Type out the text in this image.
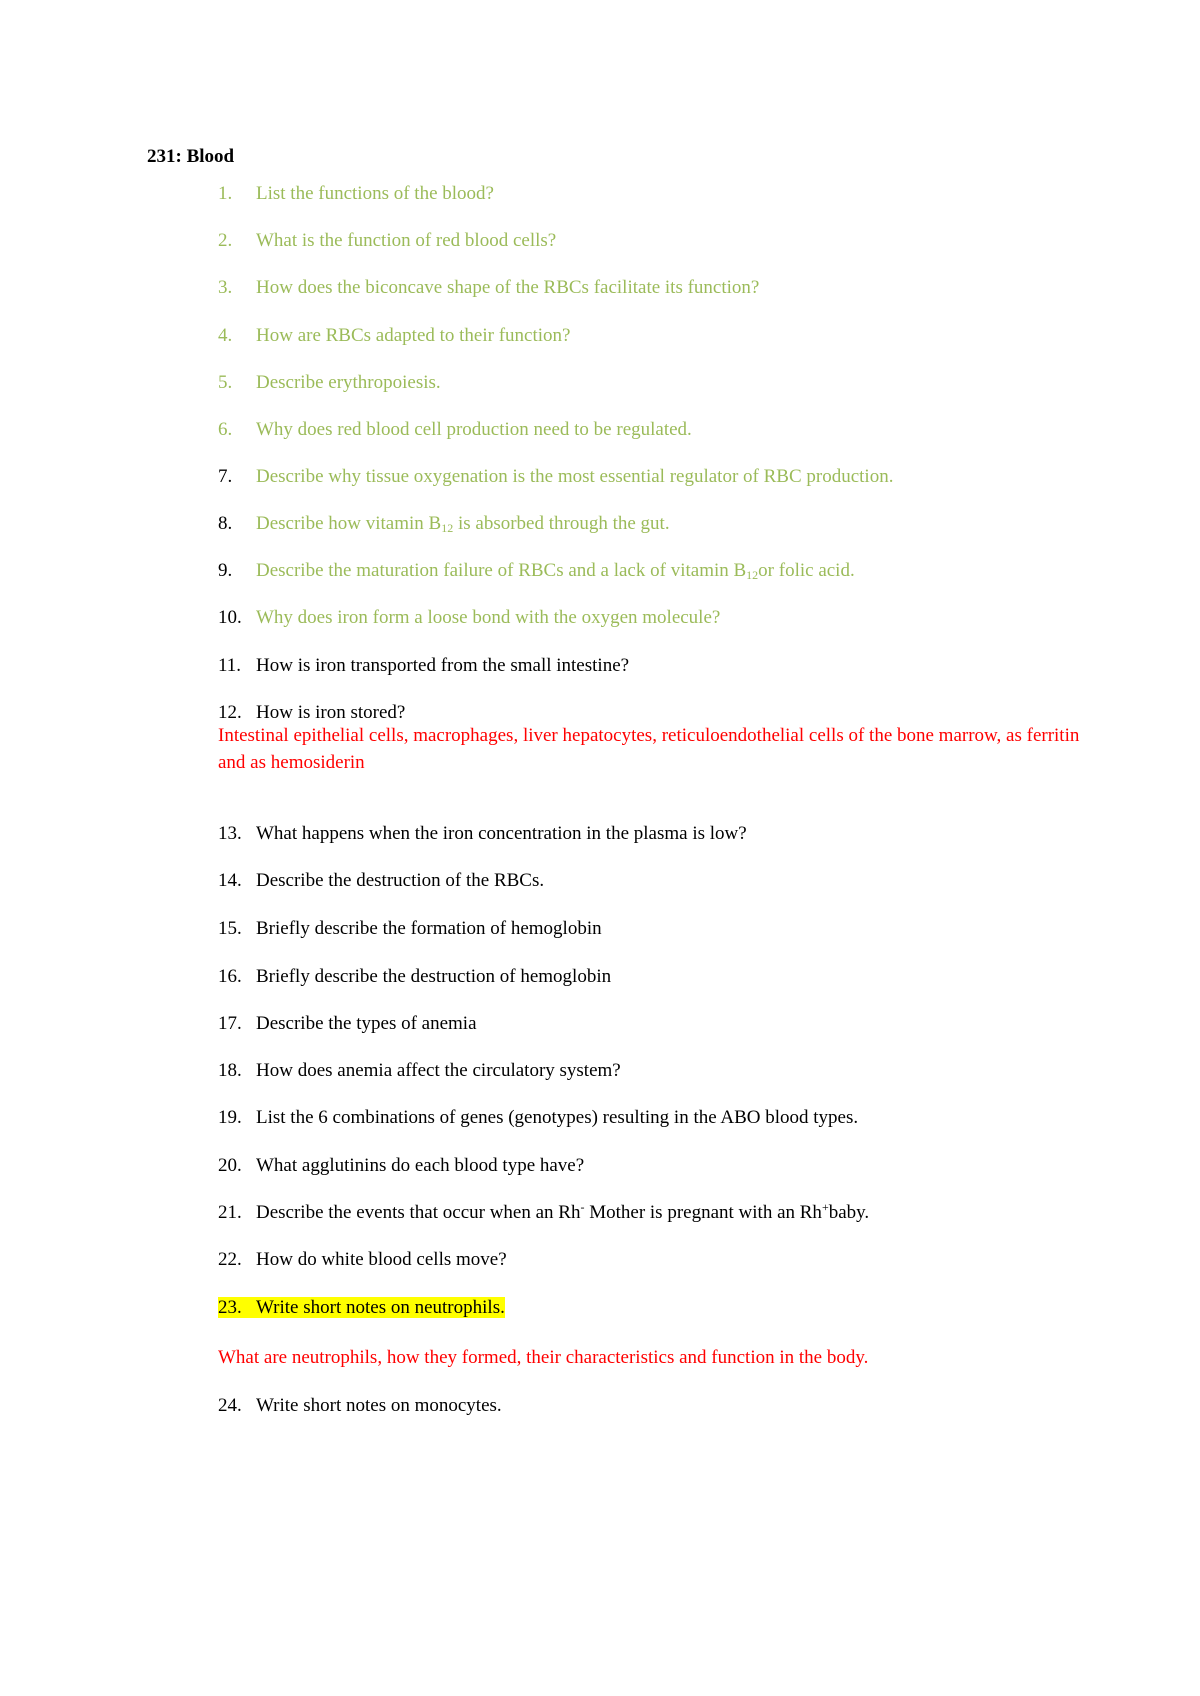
231: Blood
1. List the functions of the blood?
2. What is the function of red blood cells?
3. How does the biconcave shape of the RBCs facilitate its function?
4. How are RBCs adapted to their function?
5. Describe erythropoiesis.
6. Why does red blood cell production need to be regulated.
7. Describe why tissue oxygenation is the most essential regulator of RBC production.
8. Describe how vitamin $B_{12}$ is absorbed through the gut.
9. Describe the maturation failure of RBCs and a lack of vitamin $B_{12}or$ folic acid.
10. Why does iron form a loose bond with the oxygen molecule?
11. How is iron transported from the small intestine?
12. How is iron stored?
Intestinal epithelial cells, macrophages, liver hepatocytes, reticuloendothelial cells of the bone marrow, as ferritin and as hemosiderin
13. What happens when the iron concentration in the plasma is low?
14. Describe the destruction of the RBCs.
15. Briefly describe the formation of hemoglobin
16. Briefly describe the destruction of hemoglobin
17. Describe the types of anemia
18. How does anemia affect the circulatory system?
19. List the 6 combinations of genes (genotypes) resulting in the ABO blood types.
20. What agglutinins do each blood type have?
21. Describe the events that occur when an Rh- Mother is pregnant with an Rh+baby.
22. How do white blood cells move?
23. Write short notes on neutrophils.
What are neutrophils, how they formed, their characteristics and function in the body.
24. Write short notes on monocytes.
